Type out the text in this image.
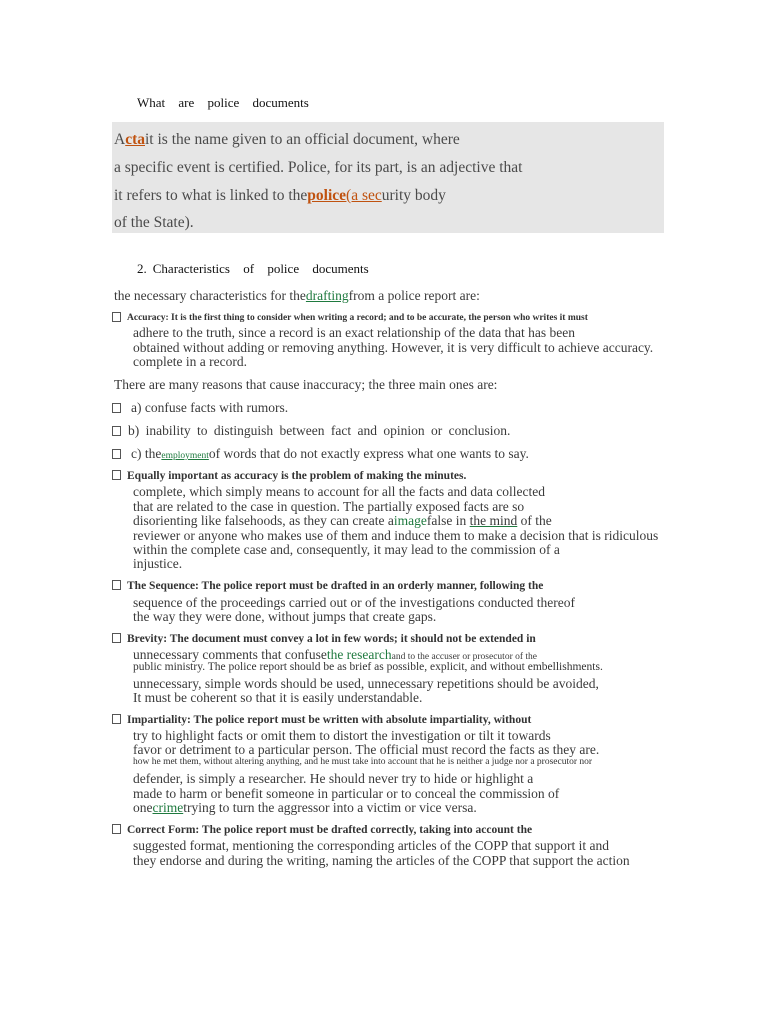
What are police documents
Actait is the name given to an official document, where
a specific event is certified. Police, for its part, is an adjective that
it refers to what is linked to thepolice(a security body
of the State).
2. Characteristics of police documents
the necessary characteristics for thedraftingfrom a police report are:
Accuracy: It is the first thing to consider when writing a record; and to be accurate, the person who writes it must
adhere to the truth, since a record is an exact relationship of the data that has been
obtained without adding or removing anything. However, it is very difficult to achieve accuracy.
complete in a record.
There are many reasons that cause inaccuracy; the three main ones are:
a) confuse facts with rumors.
b) inability to distinguish between fact and opinion or conclusion.
c) theemploymentof words that do not exactly express what one wants to say.
Equally important as accuracy is the problem of making the minutes.
complete, which simply means to account for all the facts and data collected
that are related to the case in question. The partially exposed facts are so
disorienting like falsehoods, as they can create aimagefalse in the mind of the
reviewer or anyone who makes use of them and induce them to make a decision that is ridiculous
within the complete case and, consequently, it may lead to the commission of a
injustice.
The Sequence: The police report must be drafted in an orderly manner, following the
sequence of the proceedings carried out or of the investigations conducted thereof
the way they were done, without jumps that create gaps.
Brevity: The document must convey a lot in few words; it should not be extended in
unnecessary comments that confusethe researchand to the accuser or prosecutor of the
public ministry. The police report should be as brief as possible, explicit, and without embellishments.
unnecessary, simple words should be used, unnecessary repetitions should be avoided,
It must be coherent so that it is easily understandable.
Impartiality: The police report must be written with absolute impartiality, without
try to highlight facts or omit them to distort the investigation or tilt it towards
favor or detriment to a particular person. The official must record the facts as they are.
how he met them, without altering anything, and he must take into account that he is neither a judge nor a prosecutor nor
defender, is simply a researcher. He should never try to hide or highlight a
made to harm or benefit someone in particular or to conceal the commission of
onecrimetrying to turn the aggressor into a victim or vice versa.
Correct Form: The police report must be drafted correctly, taking into account the
suggested format, mentioning the corresponding articles of the COPP that support it and
they endorse and during the writing, naming the articles of the COPP that support the action
